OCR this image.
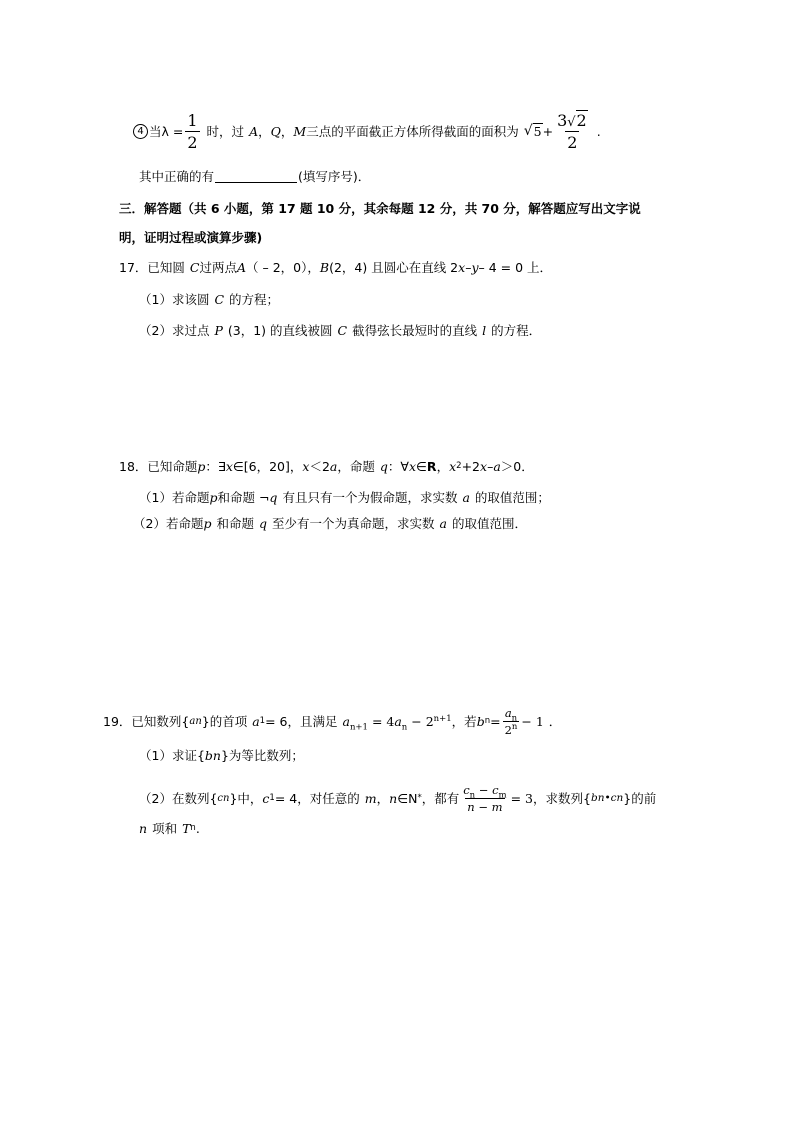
4 当$\lambda = \frac{1}{2}$ 时，过 A ， Q ， M 三点的平面截正方体所得截面的面积为 √ $5 + \frac{3 √ 2}{2}$ .
其中正确的有	(填写序号)．
三．解答题（共 6 小题，第 17 题 10 分，其余每题 12 分，共 70 分，解答题应写出文字说
明，证明过程或演算步骤)
17．已知圆 C 过两点 A （ – 2，0）， B (2，4) 且圆心在直线 2 x – y – 4 = 0 上．
（1）求该圆 C 的方程；
（2）求过点 P (3，1) 的直线被圆 C 截得弦长最短时的直线 l 的方程．
18．已知命题 p ：∃ x ∈[6，20]， x ＜2 a ，命题 q ：∀ x ∈ R ， x 2 +2 x – a ＞0．
（1）若命题 p 和命题 ¬ q 有且只有一个为假命题，求实数 a 的取值范围；
（2）若命题 p 和命题 q 至少有一个为真命题，求实数 a 的取值范围．
19．已知数列{ an }的首项 a 1 = 6，且满足 $a_{n+1} = 4a_n - 2^{n+1}$ ，若 b $n = \frac{a_n}{2^n} - 1$ ．
（1）求证{ bn }为等比数列；
（2）在数列{ cn }中， c 1 = 4，对任意的 m ， n ∈N * ，都有 $\frac{c_n - c_m}{n - m} = 3$ ，求数列{ bn•cn }的前
n 项和 T n .
